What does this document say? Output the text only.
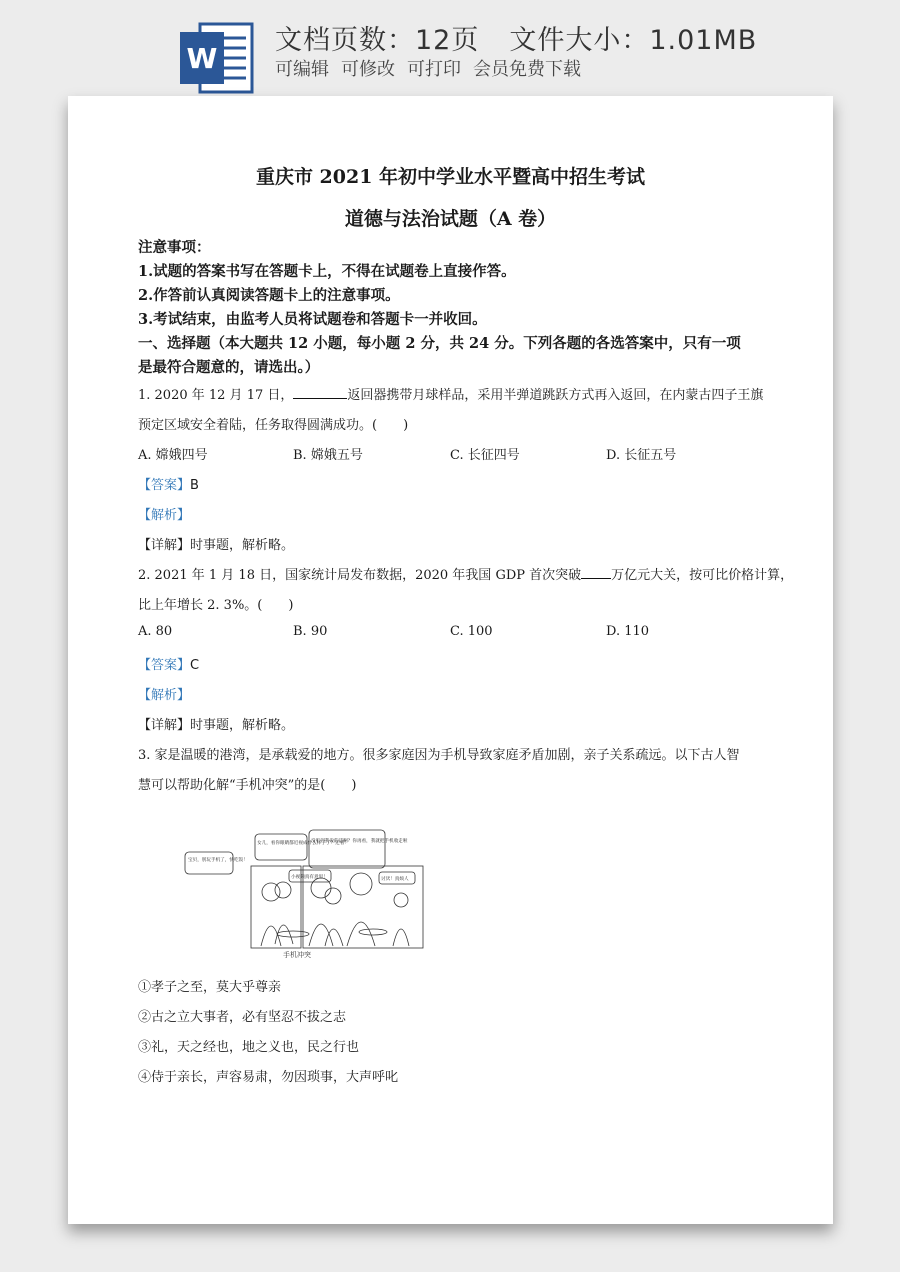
W
文档页数：12页 文件大小：1.01MB
可编辑 可修改 可打印 会员免费下载
重庆市 2021 年初中学业水平暨高中招生考试
道德与法治试题（A 卷）
注意事项：
1.试题的答案书写在答题卡上，不得在试题卷上直接作答。
2.作答前认真阅读答题卡上的注意事项。
3.考试结束，由监考人员将试题卷和答题卡一并收回。
一、选择题（本大题共 12 小题，每小题 2 分，共 24 分。下列各题的各选答案中，只有一项
是最符合题意的，请选出。）
1. 2020 年 12 月 17 日，	返回器携带月球样品，采用半弹道跳跃方式再入返回，在内蒙古四子王旗
预定区域安全着陆，任务取得圆满成功。(　　)
A. 嫦娥四号	B. 嫦娥五号	C. 长征四号	D. 长征五号
【答案】B
【解析】
【详解】时事题，解析略。
2. 2021 年 1 月 18 日，国家统计局发布数据，2020 年我国 GDP 首次突破 万亿元大关，按可比价格计算，
比上年增长 2. 3%。(　　)
A. 80	B. 90	C. 100	D. 110
【答案】C
【解析】
【详解】时事题，解析略。
3. 家是温暖的港湾，是承载爱的地方。很多家庭因为手机导致家庭矛盾加剧，亲子关系疏远。以下古人智
慧可以帮助化解“手机冲突”的是(　　)
宝贝，别玩手机了，快吃饭！
女儿，看你眼睛都近视成什么样子了？还看！
小视频真有意思！
没听到我说的话啊？你再看，我就把手机收走啦
讨厌！真烦人
手机冲突
①孝子之至，莫大乎尊亲
②古之立大事者，必有坚忍不拔之志
③礼，天之经也，地之义也，民之行也
④侍于亲长，声容易肃，勿因琐事，大声呼叱
